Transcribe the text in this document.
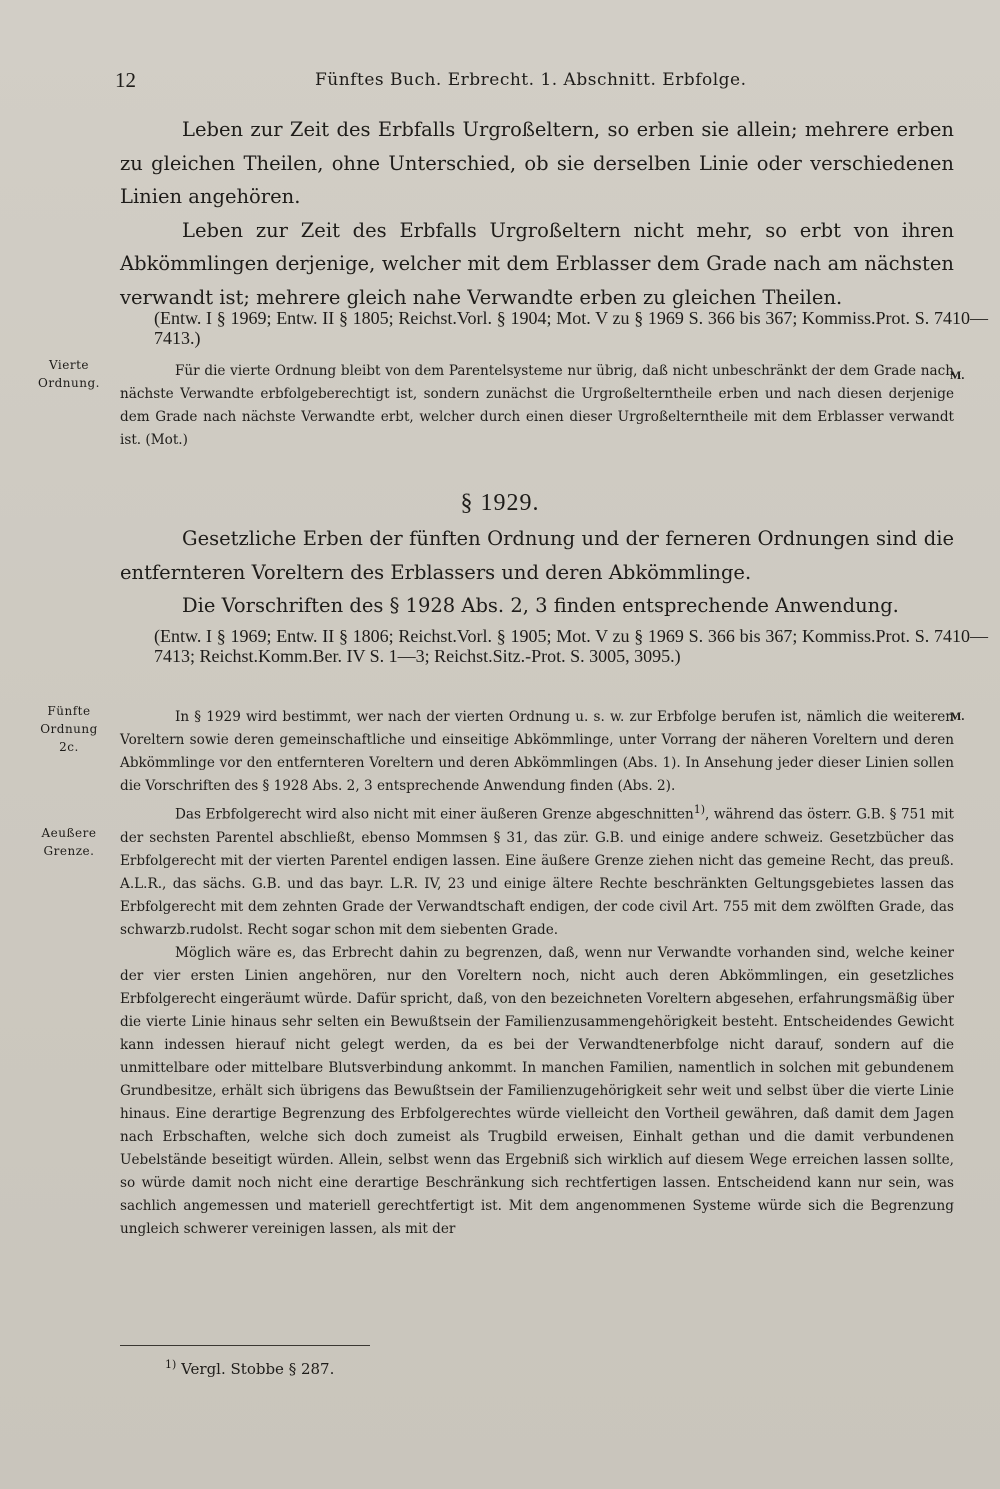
12	Fünftes Buch. Erbrecht. 1. Abschnitt. Erbfolge.

Leben zur Zeit des Erbfalls Urgroßeltern, so erben sie allein; mehrere erben zu gleichen Theilen, ohne Unterschied, ob sie derselben Linie oder verschiedenen Linien angehören.

Leben zur Zeit des Erbfalls Urgroßeltern nicht mehr, so erbt von ihren Abkömmlingen derjenige, welcher mit dem Erblasser dem Grade nach am nächsten verwandt ist; mehrere gleich nahe Verwandte erben zu gleichen Theilen.

(Entw. I § 1969; Entw. II § 1805; Reichst.Vorl. § 1904; Mot. V zu § 1969 S. 366 bis 367; Kommiss.Prot. S. 7410—7413.)
Vierte Ordnung.
M.

Für die vierte Ordnung bleibt von dem Parentelsysteme nur übrig, daß nicht unbeschränkt der dem Grade nach nächste Verwandte erbfolgeberechtigt ist, sondern zunächst die Urgroßelterntheile erben und nach diesen derjenige dem Grade nach nächste Verwandte erbt, welcher durch einen dieser Urgroßelterntheile mit dem Erblasser verwandt ist. (Mot.)

§ 1929.

Gesetzliche Erben der fünften Ordnung und der ferneren Ordnungen sind die entfernteren Voreltern des Erblassers und deren Abkömmlinge.

Die Vorschriften des § 1928 Abs. 2, 3 finden entsprechende Anwendung.

(Entw. I § 1969; Entw. II § 1806; Reichst.Vorl. § 1905; Mot. V zu § 1969 S. 366 bis 367; Kommiss.Prot. S. 7410—7413; Reichst.Komm.Ber. IV S. 1—3; Reichst.Sitz.-Prot. S. 3005, 3095.)
Fünfte Ordnung 2c.
M.
Aeußere Grenze.

In § 1929 wird bestimmt, wer nach der vierten Ordnung u. s. w. zur Erbfolge berufen ist, nämlich die weiteren Voreltern sowie deren gemeinschaftliche und einseitige Abkömmlinge, unter Vorrang der näheren Voreltern und deren Abkömmlinge vor den entfernteren Voreltern und deren Abkömmlingen (Abs. 1). In Ansehung jeder dieser Linien sollen die Vorschriften des § 1928 Abs. 2, 3 entsprechende Anwendung finden (Abs. 2).

Das Erbfolgerecht wird also nicht mit einer äußeren Grenze abgeschnitten$^{1)}$, während das österr. G.B. § 751 mit der sechsten Parentel abschließt, ebenso Mommsen § 31, das zür. G.B. und einige andere schweiz. Gesetzbücher das Erbfolgerecht mit der vierten Parentel endigen lassen. Eine äußere Grenze ziehen nicht das gemeine Recht, das preuß. A.L.R., das sächs. G.B. und das bayr. L.R. IV, 23 und einige ältere Rechte beschränkten Geltungsgebietes lassen das Erbfolgerecht mit dem zehnten Grade der Verwandtschaft endigen, der code civil Art. 755 mit dem zwölften Grade, das schwarzb.rudolst. Recht sogar schon mit dem siebenten Grade.

Möglich wäre es, das Erbrecht dahin zu begrenzen, daß, wenn nur Verwandte vorhanden sind, welche keiner der vier ersten Linien angehören, nur den Voreltern noch, nicht auch deren Abkömmlingen, ein gesetzliches Erbfolgerecht eingeräumt würde. Dafür spricht, daß, von den bezeichneten Voreltern abgesehen, erfahrungsmäßig über die vierte Linie hinaus sehr selten ein Bewußtsein der Familienzusammengehörigkeit besteht. Entscheidendes Gewicht kann indessen hierauf nicht gelegt werden, da es bei der Verwandtenerbfolge nicht darauf, sondern auf die unmittelbare oder mittelbare Blutsverbindung ankommt. In manchen Familien, namentlich in solchen mit gebundenem Grundbesitze, erhält sich übrigens das Bewußtsein der Familienzugehörigkeit sehr weit und selbst über die vierte Linie hinaus. Eine derartige Begrenzung des Erbfolgerechtes würde vielleicht den Vortheil gewähren, daß damit dem Jagen nach Erbschaften, welche sich doch zumeist als Trugbild erweisen, Einhalt gethan und die damit verbundenen Uebelstände beseitigt würden. Allein, selbst wenn das Ergebniß sich wirklich auf diesem Wege erreichen lassen sollte, so würde damit noch nicht eine derartige Beschränkung sich rechtfertigen lassen. Entscheidend kann nur sein, was sachlich angemessen und materiell gerechtfertigt ist. Mit dem angenommenen Systeme würde sich die Begrenzung ungleich schwerer vereinigen lassen, als mit der

$^{1)}$ Vergl. Stobbe § 287.
